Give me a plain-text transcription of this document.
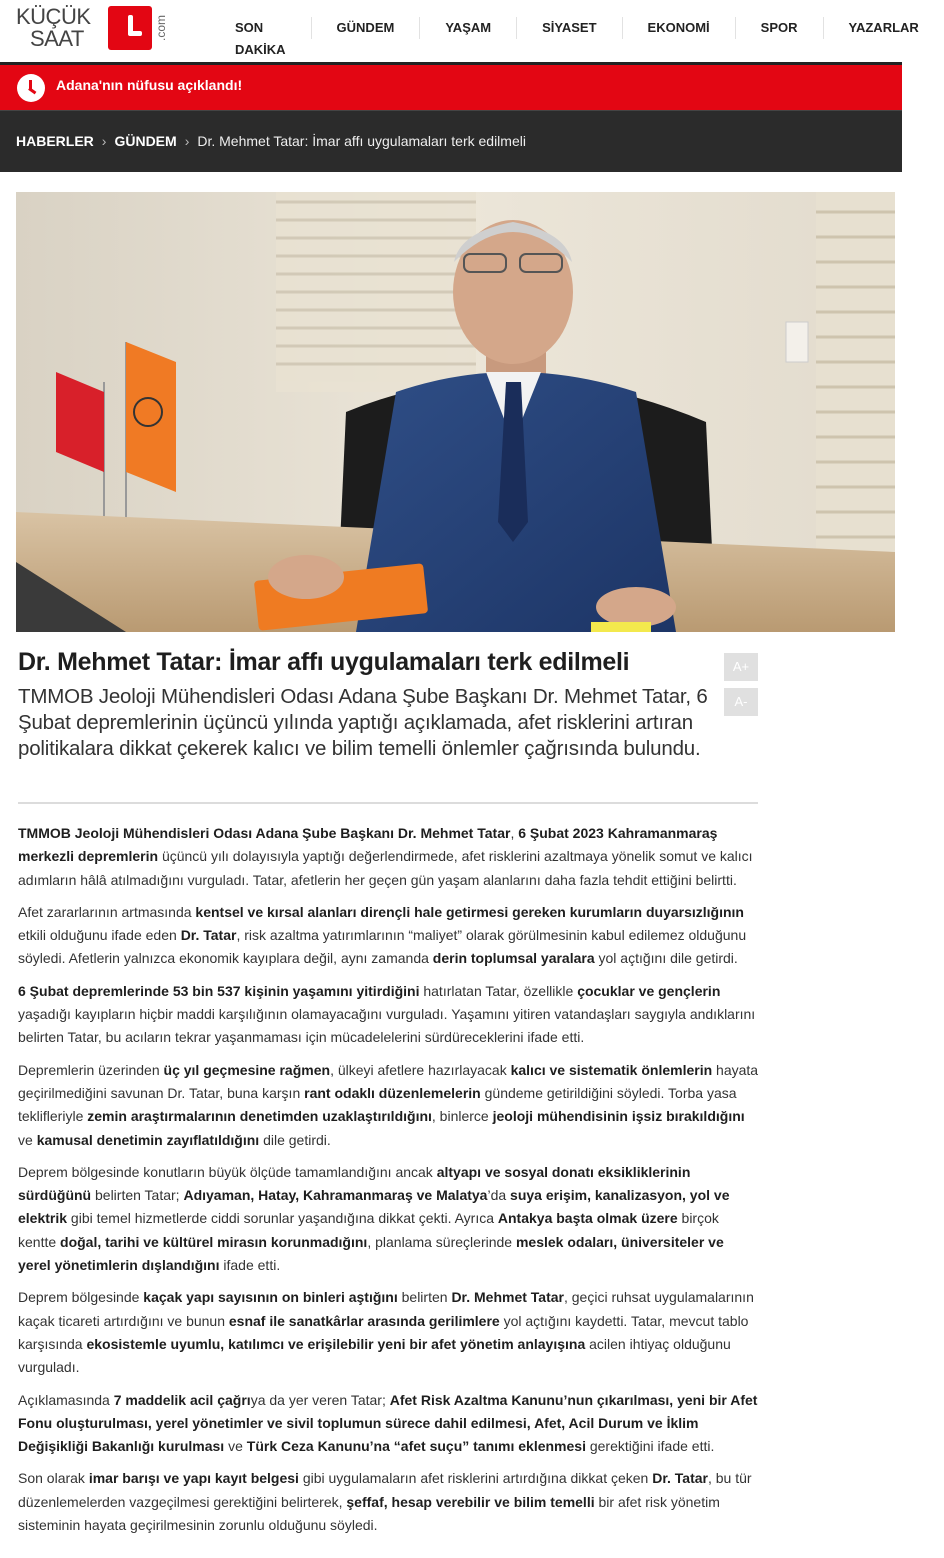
KÜÇÜK
SAAT	.com	SON DAKİKA
GÜNDEM	YAŞAM	SİYASET	EKONOMİ	SPOR	YAZARLAR
Adana'nın nüfusu açıklandı!
HABERLER › GÜNDEM › Dr. Mehmet Tatar: İmar affı uygulamaları terk edilmeli
Dr. Mehmet Tatar: İmar affı uygulamaları terk edilmeli

TMMOB Jeoloji Mühendisleri Odası Adana Şube Başkanı Dr. Mehmet Tatar, 6 Şubat depremlerinin üçüncü yılında yaptığı açıklamada, afet risklerini artıran politikalara dikkat çekerek kalıcı ve bilim temelli önlemler çağrısında bulundu.

A+
A-

TMMOB Jeoloji Mühendisleri Odası Adana Şube Başkanı Dr. Mehmet Tatar, 6 Şubat 2023 Kahramanmaraş merkezli depremlerin üçüncü yılı dolayısıyla yaptığı değerlendirmede, afet risklerini azaltmaya yönelik somut ve kalıcı adımların hâlâ atılmadığını vurguladı. Tatar, afetlerin her geçen gün yaşam alanlarını daha fazla tehdit ettiğini belirtti.

Afet zararlarının artmasında kentsel ve kırsal alanları dirençli hale getirmesi gereken kurumların duyarsızlığının etkili olduğunu ifade eden Dr. Tatar, risk azaltma yatırımlarının “maliyet” olarak görülmesinin kabul edilemez olduğunu söyledi. Afetlerin yalnızca ekonomik kayıplara değil, aynı zamanda derin toplumsal yaralara yol açtığını dile getirdi.

6 Şubat depremlerinde 53 bin 537 kişinin yaşamını yitirdiğini hatırlatan Tatar, özellikle çocuklar ve gençlerin yaşadığı kayıpların hiçbir maddi karşılığının olamayacağını vurguladı. Yaşamını yitiren vatandaşları saygıyla andıklarını belirten Tatar, bu acıların tekrar yaşanmaması için mücadelelerini sürdüreceklerini ifade etti.

Depremlerin üzerinden üç yıl geçmesine rağmen, ülkeyi afetlere hazırlayacak kalıcı ve sistematik önlemlerin hayata geçirilmediğini savunan Dr. Tatar, buna karşın rant odaklı düzenlemelerin gündeme getirildiğini söyledi. Torba yasa teklifleriyle zemin araştırmalarının denetimden uzaklaştırıldığını, binlerce jeoloji mühendisinin işsiz bırakıldığını ve kamusal denetimin zayıflatıldığını dile getirdi.

Deprem bölgesinde konutların büyük ölçüde tamamlandığını ancak altyapı ve sosyal donatı eksikliklerinin sürdüğünü belirten Tatar; Adıyaman, Hatay, Kahramanmaraş ve Malatya’da suya erişim, kanalizasyon, yol ve elektrik gibi temel hizmetlerde ciddi sorunlar yaşandığına dikkat çekti. Ayrıca Antakya başta olmak üzere birçok kentte doğal, tarihi ve kültürel mirasın korunmadığını, planlama süreçlerinde meslek odaları, üniversiteler ve yerel yönetimlerin dışlandığını ifade etti.

Deprem bölgesinde kaçak yapı sayısının on binleri aştığını belirten Dr. Mehmet Tatar, geçici ruhsat uygulamalarının kaçak ticareti artırdığını ve bunun esnaf ile sanatkârlar arasında gerilimlere yol açtığını kaydetti. Tatar, mevcut tablo karşısında ekosistemle uyumlu, katılımcı ve erişilebilir yeni bir afet yönetim anlayışına acilen ihtiyaç olduğunu vurguladı.

Açıklamasında 7 maddelik acil çağrıya da yer veren Tatar; Afet Risk Azaltma Kanunu’nun çıkarılması, yeni bir Afet Fonu oluşturulması, yerel yönetimler ve sivil toplumun sürece dahil edilmesi, Afet, Acil Durum ve İklim Değişikliği Bakanlığı kurulması ve Türk Ceza Kanunu’na “afet suçu” tanımı eklenmesi gerektiğini ifade etti.

Son olarak imar barışı ve yapı kayıt belgesi gibi uygulamaların afet risklerini artırdığına dikkat çeken Dr. Tatar, bu tür düzenlemelerden vazgeçilmesi gerektiğini belirterek, şeffaf, hesap verebilir ve bilim temelli bir afet risk yönetim sisteminin hayata geçirilmesinin zorunlu olduğunu söyledi.
